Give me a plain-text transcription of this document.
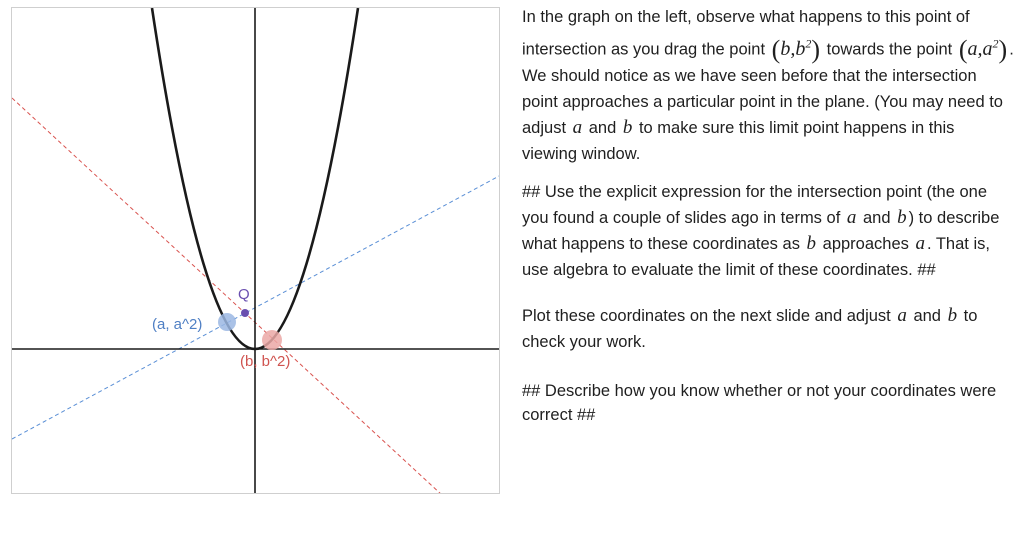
Q
(a, a^2)
(b, b^2)

In the graph on the left, observe what happens to this point of intersection as you drag the point $(b,b^2)$ towards the point $(a,a^2)$ . We should notice as we have seen before that the intersection point approaches a particular point in the plane. (You may need to adjust a and b to make sure this limit point happens in this viewing window.

## Use the explicit expression for the intersection point (the one you found a couple of slides ago in terms of a and b ) to describe what happens to these coordinates as b approaches a . That is, use algebra to evaluate the limit of these coordinates. ##

Plot these coordinates on the next slide and adjust a and b to check your work.

## Describe how you know whether or not your coordinates were correct ##
